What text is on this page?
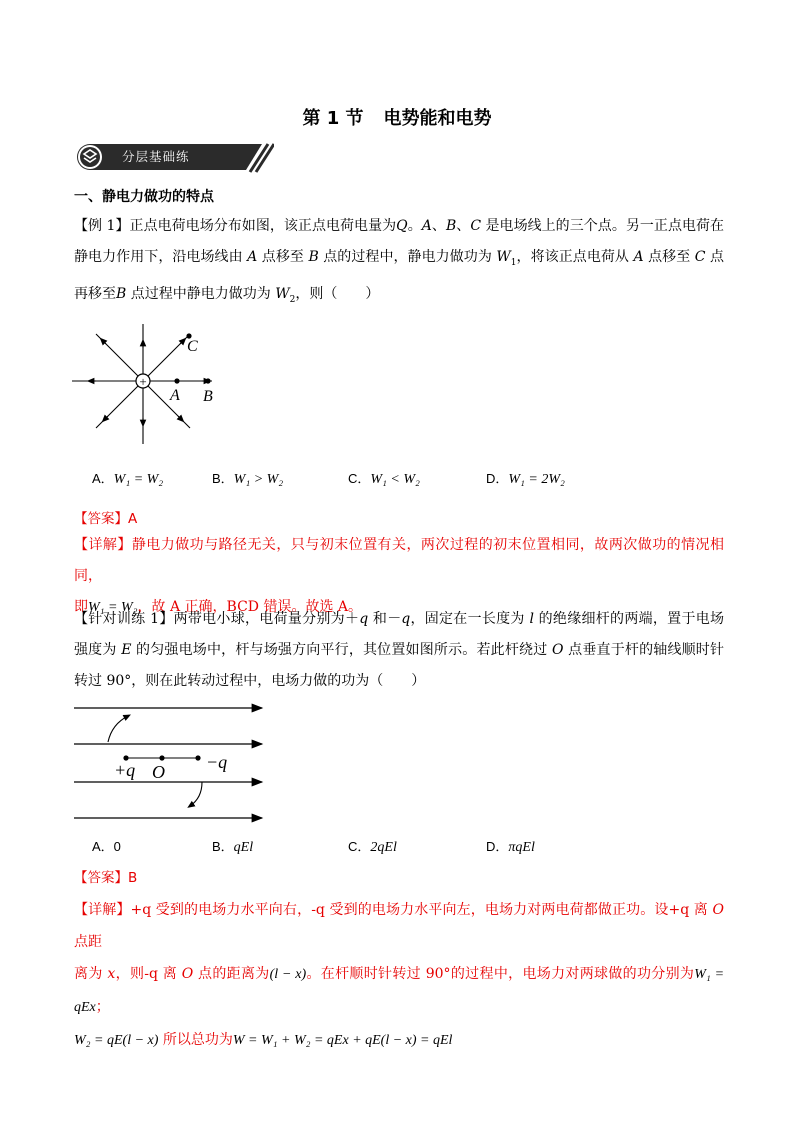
第 1 节 电势能和电势
分层基础练
一、静电力做功的特点
【例 1】正点电荷电场分布如图，该正点电荷电量为Q。A、B、C 是电场线上的三个点。另一正点电荷在静电力作用下，沿电场线由 A 点移至 B 点的过程中，静电力做功为 $W_1$，将该正点电荷从 A 点移至 C 点再移至B 点过程中静电力做功为 $W_2$，则（　　）
+
A B
C
A．W₁ = W₂	B．W₁ > W₂	C．W₁ < W₂	D．W₁ = 2W₂
【答案】A
【详解】静电力做功与路径无关，只与初末位置有关，两次过程的初末位置相同，故两次做功的情况相同，
即W₁ = W₂，故 A 正确，BCD 错误。故选 A。
【针对训练 1】两带电小球，电荷量分别为＋q 和－q，固定在一长度为 l 的绝缘细杆的两端，置于电场强度为 E 的匀强电场中，杆与场强方向平行，其位置如图所示。若此杆绕过 O 点垂直于杆的轴线顺时针转过 90°，则在此转动过程中，电场力做的功为（　　）
+q O −q
A．0	B．qEl	C．2qEl	D．πqEl
【答案】B
【详解】+q 受到的电场力水平向右，-q 受到的电场力水平向左，电场力对两电荷都做正功。设+q 离 O 点距
离为 x，则-q 离 O 点的距离为(l − x)。在杆顺时针转过 90°的过程中，电场力对两球做的功分别为W₁ = qEx；
W₂ = qE(l − x) 所以总功为W = W₁ + W₂ = qEx + qE(l − x) = qEl
